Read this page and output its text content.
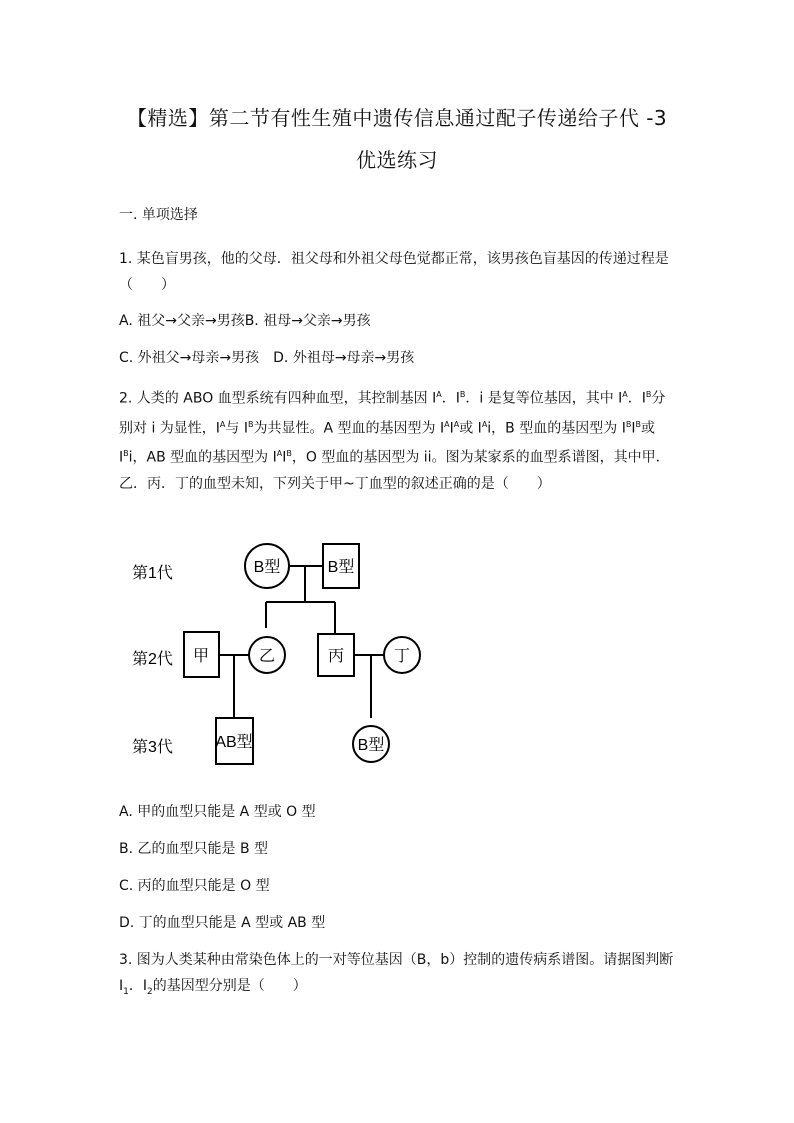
【精选】第二节有性生殖中遗传信息通过配子传递给子代 -3
优选练习
一. 单项选择
1. 某色盲男孩，他的父母．祖父母和外祖父母色觉都正常，该男孩色盲基因的传递过程是（　　）
A. 祖父→父亲→男孩B. 祖母→父亲→男孩
C. 外祖父→母亲→男孩　D. 外祖母→母亲→男孩
2. 人类的 ABO 血型系统有四种血型，其控制基因 $I^A$．$I^B$．i 是复等位基因，其中 $I^A$．$I^B$分别对 i 为显性，$I^A$与 $I^B$为共显性。A 型血的基因型为 $I^AI^A$或 $I^Ai$，B 型血的基因型为 $I^BI^B$或 $I^Bi$，AB 型血的基因型为 $I^AI^B$，O 型血的基因型为 ii。图为某家系的血型系谱图，其中甲．乙．丙．丁的血型未知，下列关于甲~丁血型的叙述正确的是（　　）
第1代
第2代
第3代
B型	B型
甲	乙	丙	丁
AB型	B型
A. 甲的血型只能是 A 型或 O 型
B. 乙的血型只能是 B 型
C. 丙的血型只能是 O 型
D. 丁的血型只能是 A 型或 AB 型
3. 图为人类某种由常染色体上的一对等位基因（B，b）控制的遗传病系谱图。请据图判断 $I_1$．$I_2$的基因型分别是（　　）
